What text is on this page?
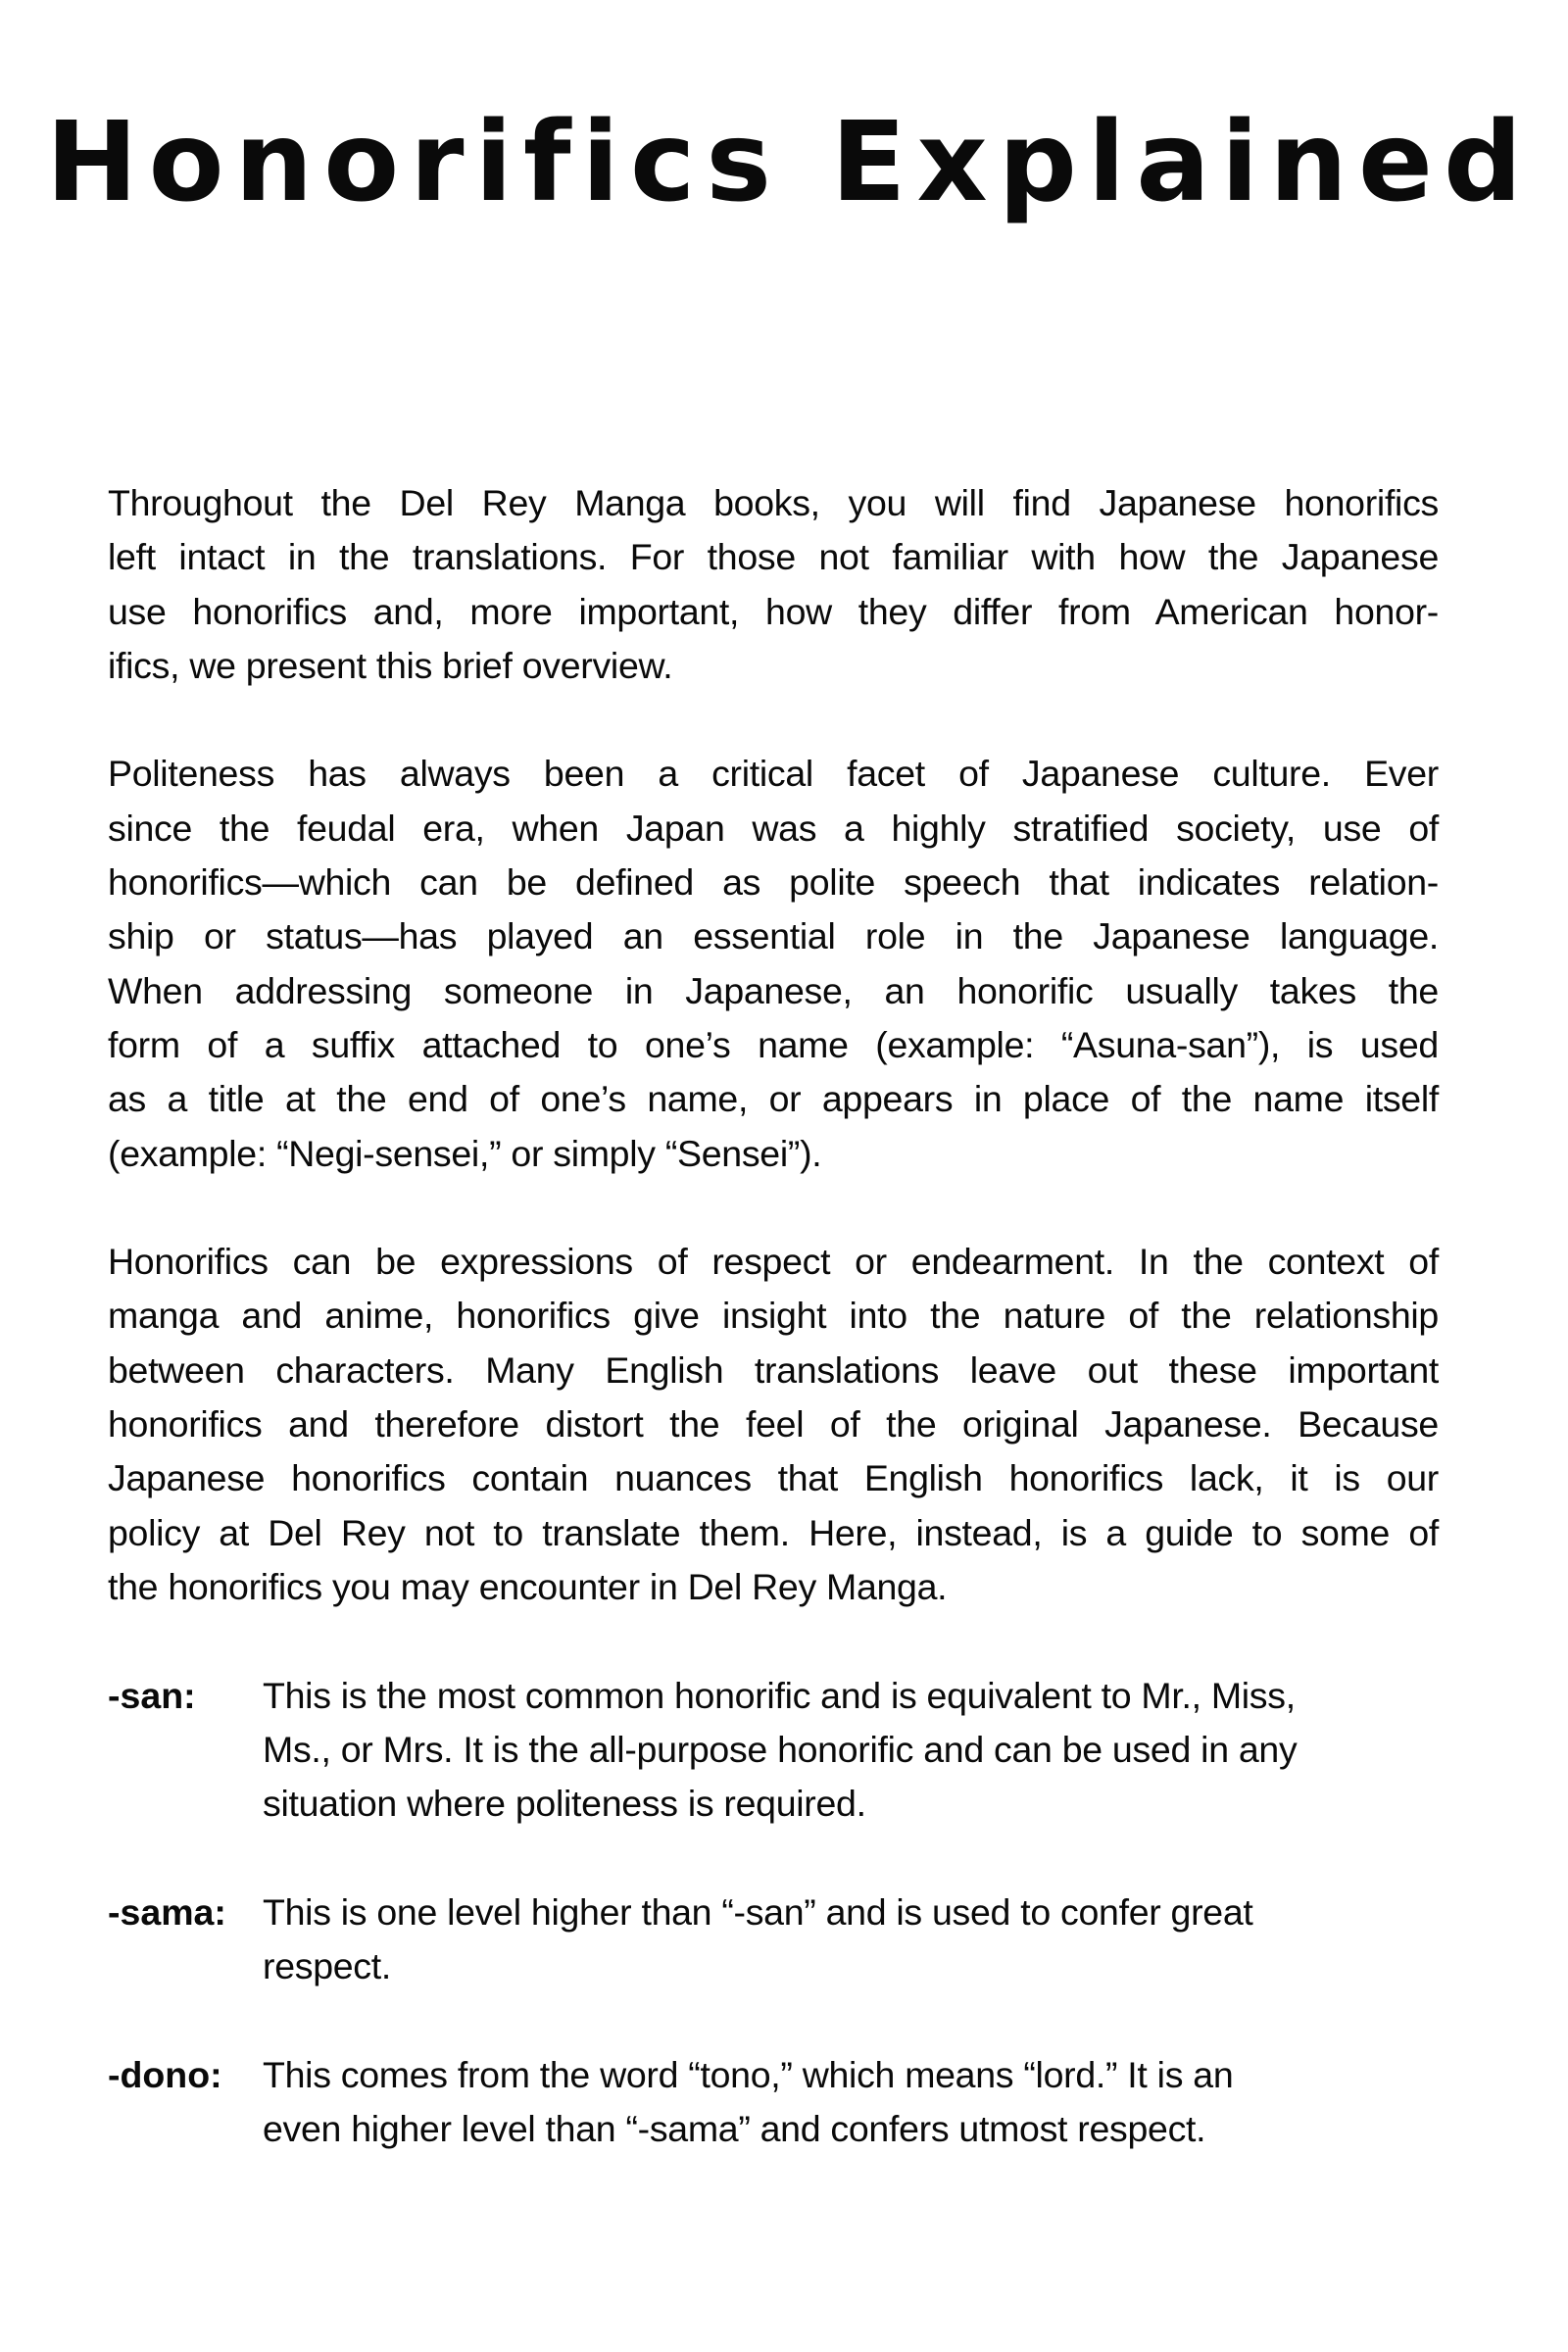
Honorifics Explained

Throughout the Del Rey Manga books, you will find Japanese honorifics
left intact in the translations. For those not familiar with how the Japanese
use honorifics and, more important, how they differ from American honor-
ifics, we present this brief overview.

Politeness has always been a critical facet of Japanese culture. Ever
since the feudal era, when Japan was a highly stratified society, use of
honorifics—which can be defined as polite speech that indicates relation-
ship or status—has played an essential role in the Japanese language.
When addressing someone in Japanese, an honorific usually takes the
form of a suffix attached to one’s name (example: “Asuna-san”), is used
as a title at the end of one’s name, or appears in place of the name itself
(example: “Negi-sensei,” or simply “Sensei”).

Honorifics can be expressions of respect or endearment. In the context of
manga and anime, honorifics give insight into the nature of the relationship
between characters. Many English translations leave out these important
honorifics and therefore distort the feel of the original Japanese. Because
Japanese honorifics contain nuances that English honorifics lack, it is our
policy at Del Rey not to translate them. Here, instead, is a guide to some of
the honorifics you may encounter in Del Rey Manga.

-san:	This is the most common honorific and is equivalent to Mr., Miss,
Ms., or Mrs. It is the all-purpose honorific and can be used in any
situation where politeness is required.
-sama: This is one level higher than “-san” and is used to confer great
respect.
-dono:	This comes from the word “tono,” which means “lord.” It is an
even higher level than “-sama” and confers utmost respect.
